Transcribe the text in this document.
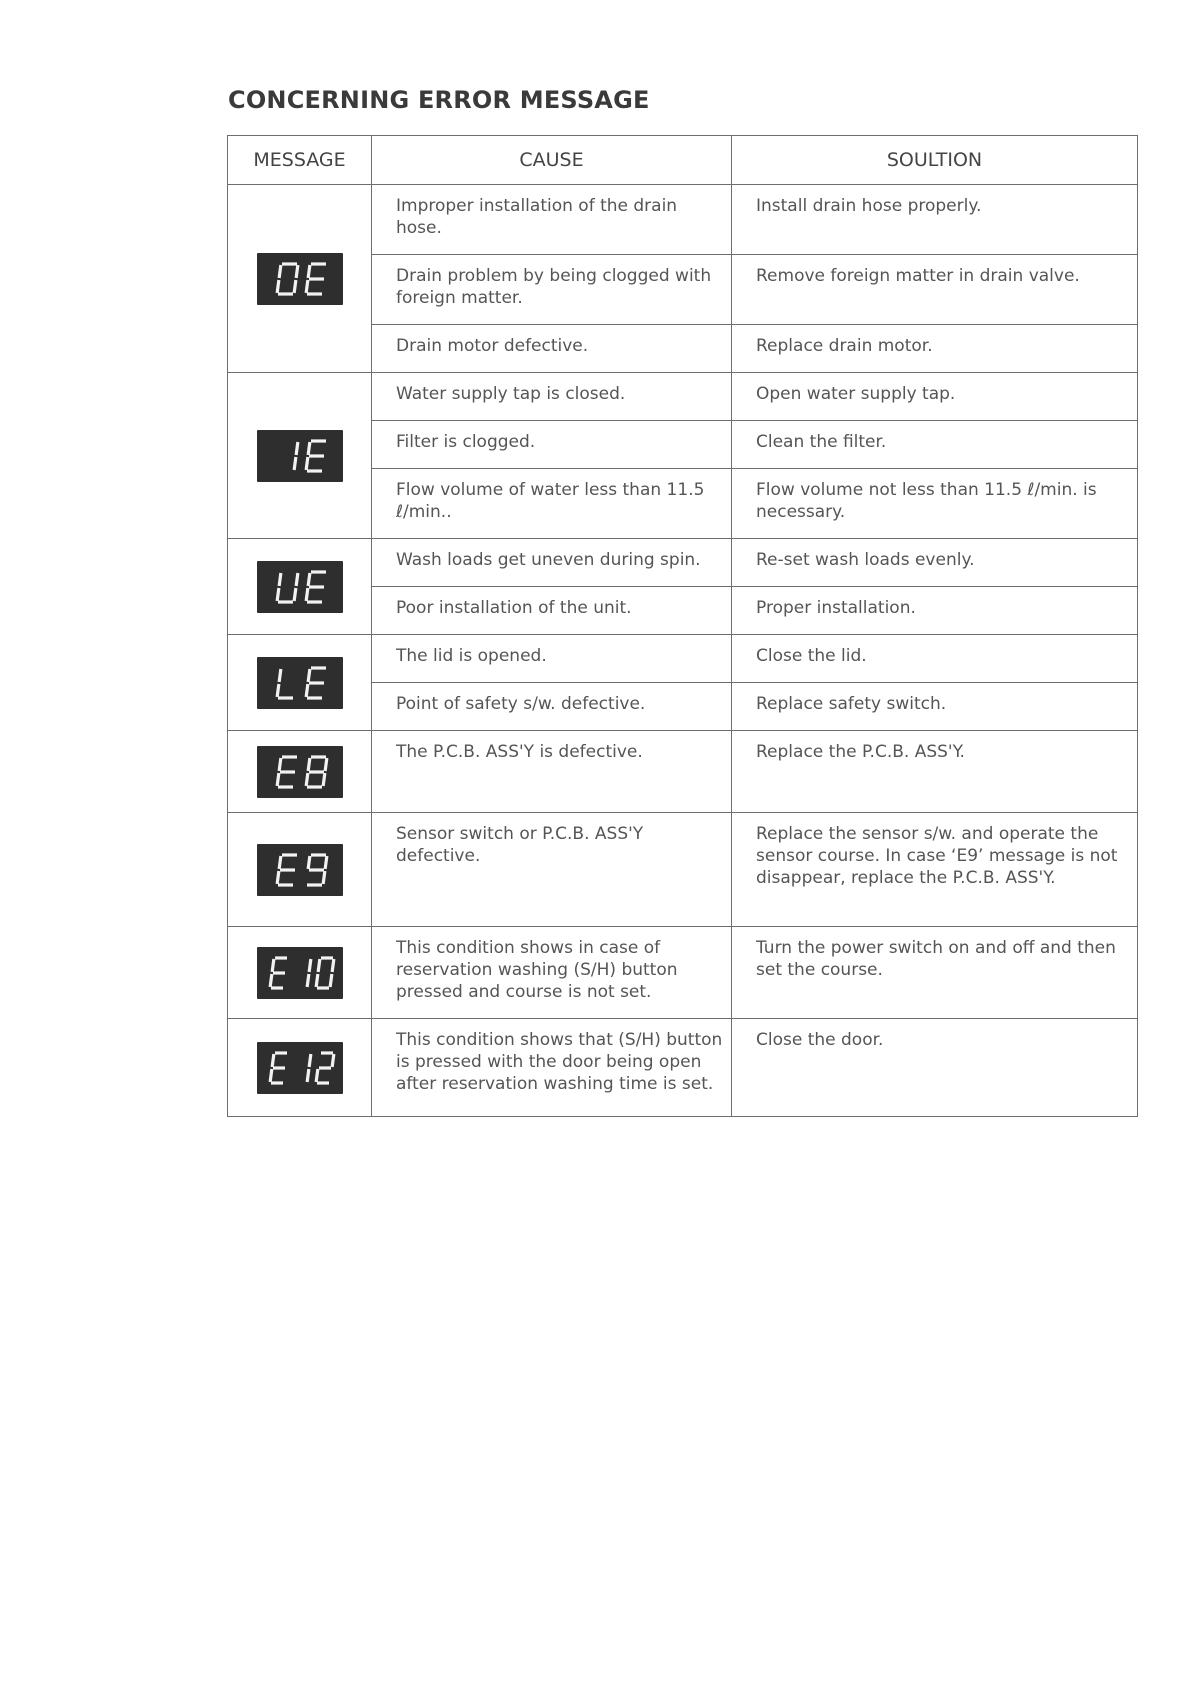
CONCERNING ERROR MESSAGE
MESSAGE	CAUSE	SOULTION
	Improper installation of the drain hose.	Install drain hose properly.
	Drain problem by being clogged with foreign matter.	Remove foreign matter in drain valve.
	Drain motor defective.	Replace drain motor.
	Water supply tap is closed.	Open water supply tap.
	Filter is clogged.	Clean the filter.
	Flow volume of water less than 11.5 ℓ/min..	Flow volume not less than 11.5 ℓ/min. is necessary.
	Wash loads get uneven during spin.	Re-set wash loads evenly.
	Poor installation of the unit.	Proper installation.
	The lid is opened.	Close the lid.
	Point of safety s/w. defective.	Replace safety switch.
	The P.C.B. ASS'Y is defective.	Replace the P.C.B. ASS'Y.
	Sensor switch or P.C.B. ASS'Y defective.	Replace the sensor s/w. and operate the sensor course. In case ‘E9’ message is not disappear, replace the P.C.B. ASS'Y.
	This condition shows in case of reservation washing (S/H) button pressed and course is not set.	Turn the power switch on and off and then set the course.
	This condition shows that (S/H) button is pressed with the door being open after reservation washing time is set.	Close the door.
